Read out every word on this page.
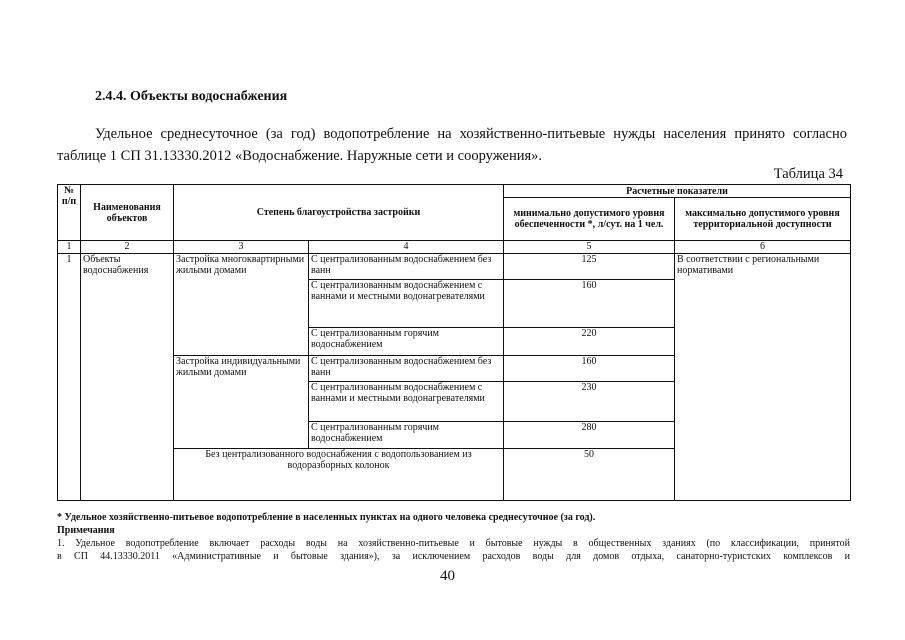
2.4.4. Объекты водоснабжения
Удельное среднесуточное (за год) водопотребление на хозяйственно-питьевые нужды населения принято согласно таблице 1 СП 31.13330.2012 «Водоснабжение. Наружные сети и сооружения».
Таблица 34
№ п/п	Наименования объектов	Степень благоустройства застройки		Расчетные показатели	
				минимально допустимого уровня обеспеченности *, л/сут. на 1 чел.	максимально допустимого уровня территориальной доступности
1	2	3	4	5	6
1	Объекты водоснабжения	Застройка многоквартирными жилыми домами	С централизованным водоснабжением без ванн	125	В соответствии с региональными нормативами
			С централизованным водоснабжением с ваннами и местными водонагревателями	160	
			С централизованным горячим водоснабжением	220	
		Застройка индивидуальными жилыми домами	С централизованным водоснабжением без ванн	160	
			С централизованным водоснабжением с ваннами и местными водонагревателями	230	
			С централизованным горячим водоснабжением	280	
		Без централизованного водоснабжения с водопользованием из водоразборных колонок		50	
* Удельное хозяйственно-питьевое водопотребление в населенных пунктах на одного человека среднесуточное (за год).
Примечания
1. Удельное водопотребление включает расходы воды на хозяйственно-питьевые и бытовые нужды в общественных зданиях (по классификации, принятой
в СП 44.13330.2011 «Административные и бытовые здания»), за исключением расходов воды для домов отдыха, санаторно-туристских комплексов и
40
